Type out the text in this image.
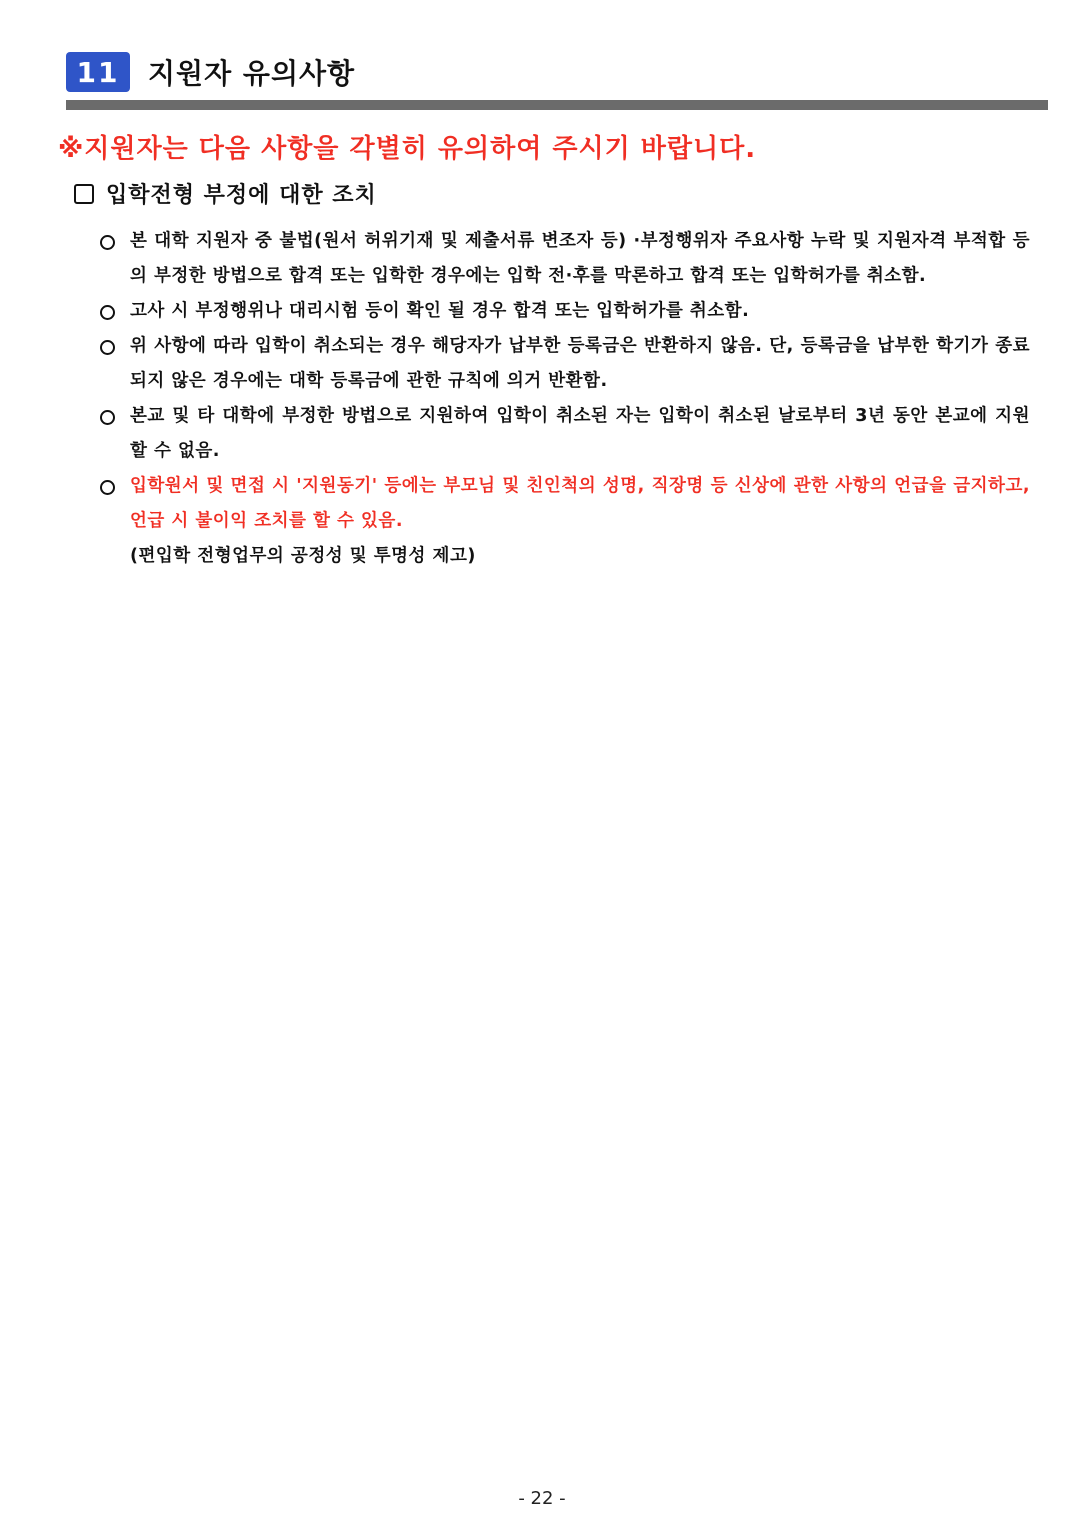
11	지원자 유의사항
※지원자는 다음 사항을 각별히 유의하여 주시기 바랍니다.
입학전형 부정에 대한 조치
본 대학 지원자 중 불법(원서 허위기재 및 제출서류 변조자 등) ·부정행위자 주요사항 누락 및 지원자격 부적합 등의 부정한 방법으로 합격 또는 입학한 경우에는 입학 전·후를 막론하고 합격 또는 입학허가를 취소함.
고사 시 부정행위나 대리시험 등이 확인 될 경우 합격 또는 입학허가를 취소함.
위 사항에 따라 입학이 취소되는 경우 해당자가 납부한 등록금은 반환하지 않음. 단, 등록금을 납부한 학기가 종료되지 않은 경우에는 대학 등록금에 관한 규칙에 의거 반환함.
본교 및 타 대학에 부정한 방법으로 지원하여 입학이 취소된 자는 입학이 취소된 날로부터 3년 동안 본교에 지원할 수 없음.
입학원서 및 면접 시 '지원동기' 등에는 부모님 및 친인척의 성명, 직장명 등 신상에 관한 사항의 언급을 금지하고, 언급 시 불이익 조치를 할 수 있음.
(편입학 전형업무의 공정성 및 투명성 제고)
- 22 -
